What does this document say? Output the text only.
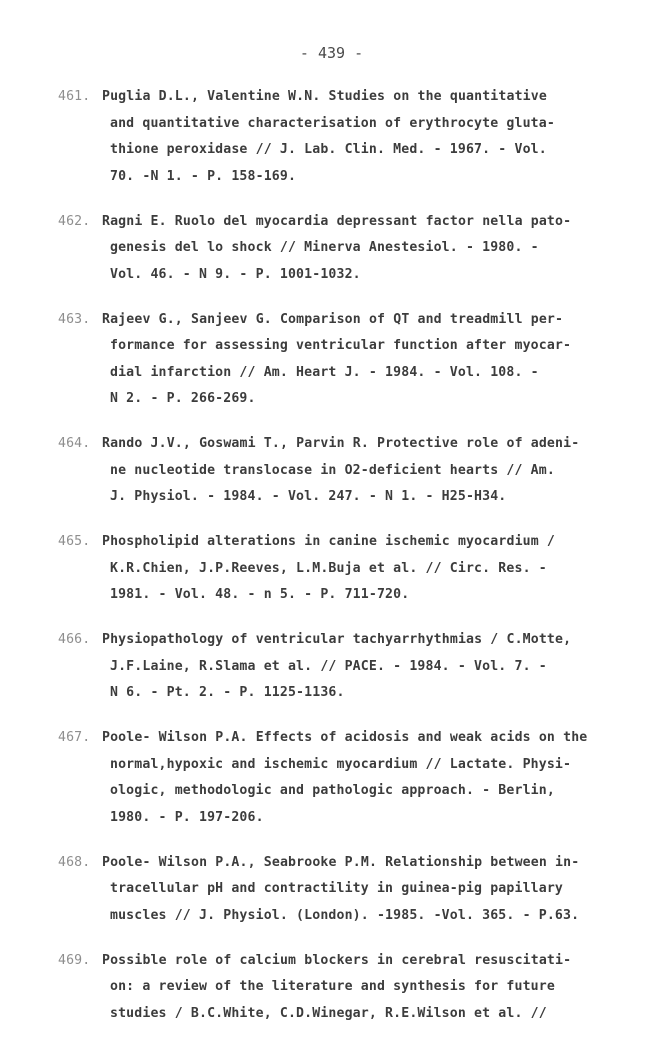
- 439 -
461. Puglia D.L., Valentine W.N. Studies on the quantitative
and quantitative characterisation of erythrocyte gluta-
thione peroxidase // J. Lab. Clin. Med. - 1967. - Vol.
70. -N 1. - P. 158-169.
462. Ragni E. Ruolo del myocardia depressant factor nella pato-
genesis del lo shock // Minerva Anestesiol. - 1980. -
Vol. 46. - N 9. - P. 1001-1032.
463. Rajeev G., Sanjeev G. Comparison of QT and treadmill per-
formance for assessing ventricular function after myocar-
dial infarction // Am. Heart J. - 1984. - Vol. 108. -
N 2. - P. 266-269.
464. Rando J.V., Goswami T., Parvin R. Protective role of adeni-
ne nucleotide translocase in O2-deficient hearts // Am.
J. Physiol. - 1984. - Vol. 247. - N 1. - H25-H34.
465. Phospholipid alterations in canine ischemic myocardium /
K.R.Chien, J.P.Reeves, L.M.Buja et al. // Circ. Res. -
1981. - Vol. 48. - n 5. - P. 711-720.
466. Physiopathology of ventricular tachyarrhythmias / C.Motte,
J.F.Laine, R.Slama et al. // PACE. - 1984. - Vol. 7. -
N 6. - Pt. 2. - P. 1125-1136.
467. Poole- Wilson P.A. Effects of acidosis and weak acids on the
normal,hypoxic and ischemic myocardium // Lactate. Physi-
ologic, methodologic and pathologic approach. - Berlin,
1980. - P. 197-206.
468. Poole- Wilson P.A., Seabrooke P.M. Relationship between in-
tracellular pH and contractility in guinea-pig papillary
muscles // J. Physiol. (London). -1985. -Vol. 365. - P.63.
469. Possible role of calcium blockers in cerebral resuscitati-
on: a review of the literature and synthesis for future
studies / B.C.White, C.D.Winegar, R.E.Wilson et al. //
